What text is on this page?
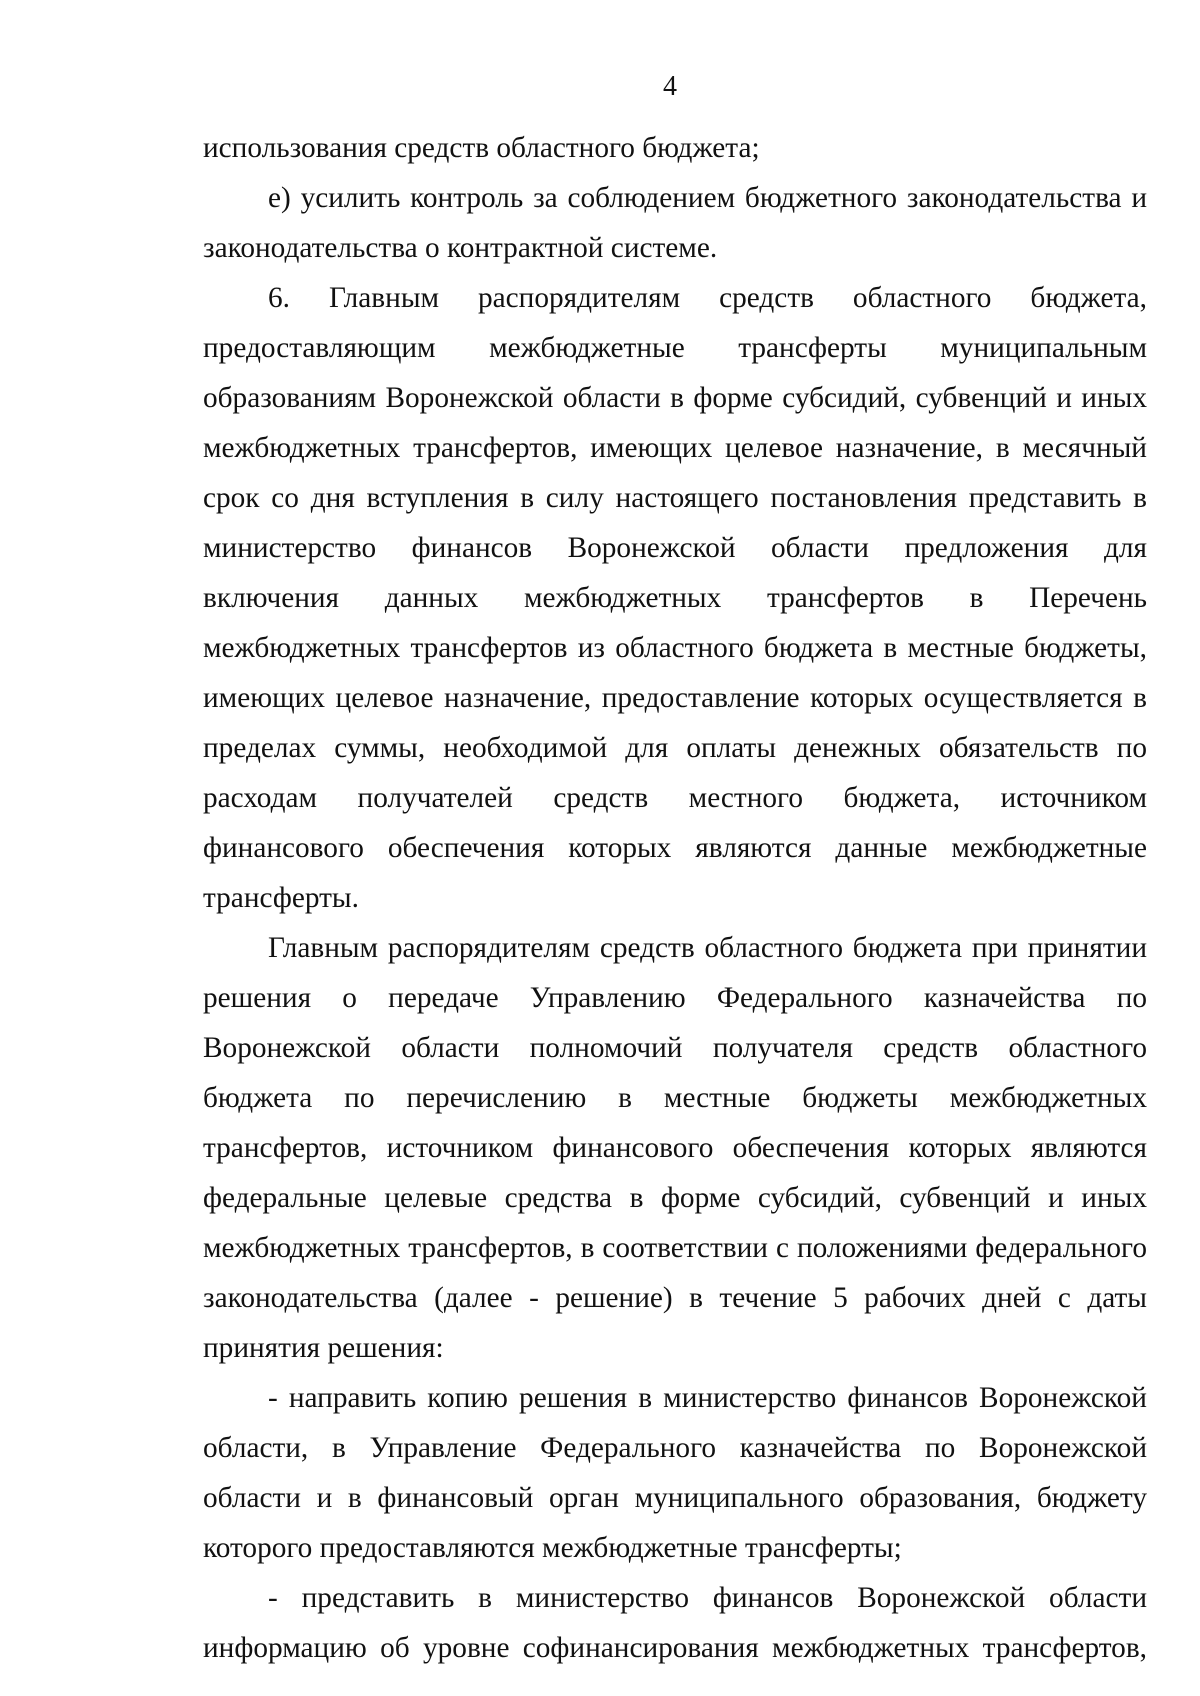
4

использования средств областного бюджета;

е) усилить контроль за соблюдением бюджетного законодательства и законодательства о контрактной системе.

6. Главным распорядителям средств областного бюджета, предоставляющим межбюджетные трансферты муниципальным образованиям Воронежской области в форме субсидий, субвенций и иных межбюджетных трансфертов, имеющих целевое назначение, в месячный срок со дня вступления в силу настоящего постановления представить в министерство финансов Воронежской области предложения для включения данных межбюджетных трансфертов в Перечень межбюджетных трансфертов из областного бюджета в местные бюджеты, имеющих целевое назначение, предоставление которых осуществляется в пределах суммы, необходимой для оплаты денежных обязательств по расходам получателей средств местного бюджета, источником финансового обеспечения которых являются данные межбюджетные трансферты.

Главным распорядителям средств областного бюджета при принятии решения о передаче Управлению Федерального казначейства по Воронежской области полномочий получателя средств областного бюджета по перечислению в местные бюджеты межбюджетных трансфертов, источником финансового обеспечения которых являются федеральные целевые средства в форме субсидий, субвенций и иных межбюджетных трансфертов, в соответствии с положениями федерального законодательства (далее - решение) в течение 5 рабочих дней с даты принятия решения:

- направить копию решения в министерство финансов Воронежской области, в Управление Федерального казначейства по Воронежской области и в финансовый орган муниципального образования, бюджету которого предоставляются межбюджетные трансферты;

- представить в министерство финансов Воронежской области информацию об уровне софинансирования межбюджетных трансфертов,
